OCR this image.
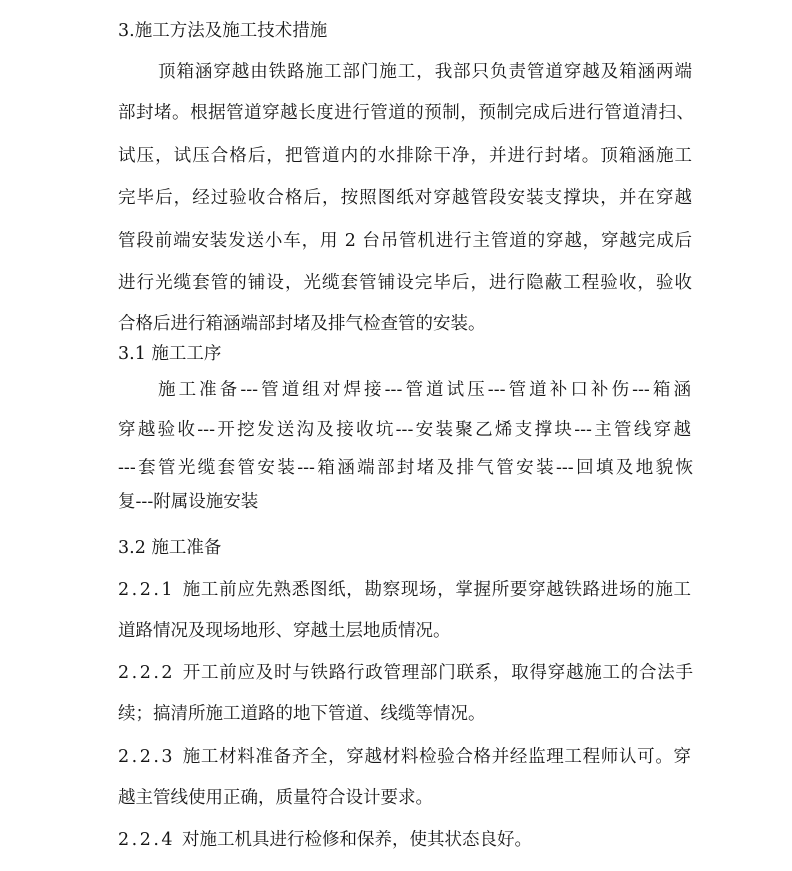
3.施工方法及施工技术措施
顶箱涵穿越由铁路施工部门施工，我部只负责管道穿越及箱涵两端
部封堵。根据管道穿越长度进行管道的预制，预制完成后进行管道清扫、
试压，试压合格后，把管道内的水排除干净，并进行封堵。顶箱涵施工
完毕后，经过验收合格后，按照图纸对穿越管段安装支撑块，并在穿越
管段前端安装发送小车，用 2 台吊管机进行主管道的穿越，穿越完成后
进行光缆套管的铺设，光缆套管铺设完毕后，进行隐蔽工程验收，验收
合格后进行箱涵端部封堵及排气检查管的安装。
3.1 施工工序
施工准备---管道组对焊接---管道试压---管道补口补伤---箱涵
穿越验收---开挖发送沟及接收坑---安装聚乙烯支撑块---主管线穿越
---套管光缆套管安装---箱涵端部封堵及排气管安装---回填及地貌恢
复---附属设施安装
3.2 施工准备
2.2.1 施工前应先熟悉图纸，勘察现场，掌握所要穿越铁路进场的施工
道路情况及现场地形、穿越土层地质情况。
2.2.2 开工前应及时与铁路行政管理部门联系，取得穿越施工的合法手
续；搞清所施工道路的地下管道、线缆等情况。
2.2.3 施工材料准备齐全，穿越材料检验合格并经监理工程师认可。穿
越主管线使用正确，质量符合设计要求。
2.2.4 对施工机具进行检修和保养，使其状态良好。
